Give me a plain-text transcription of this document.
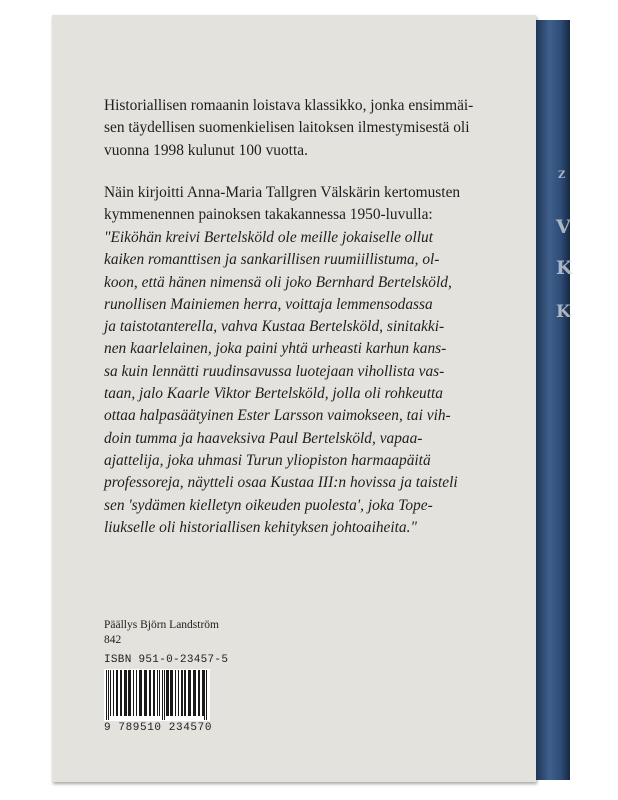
Z
V
K
K
Historiallisen romaanin loistava klassikko, jonka ensimmäi-
sen täydellisen suomenkielisen laitoksen ilmestymisestä oli
vuonna 1998 kulunut 100 vuotta.
Näin kirjoitti Anna-Maria Tallgren Välskärin kertomusten
kymmenennen painoksen takakannessa 1950-luvulla:
"Eiköhän kreivi Bertelsköld ole meille jokaiselle ollut
kaiken romanttisen ja sankarillisen ruumiillistuma, ol-
koon, että hänen nimensä oli joko Bernhard Bertelsköld,
runollisen Mainiemen herra, voittaja lemmensodassa
ja taistotanterella, vahva Kustaa Bertelsköld, sinitakki-
nen kaarlelainen, joka paini yhtä urheasti karhun kans-
sa kuin lennätti ruudinsavussa luotejaan vihollista vas-
taan, jalo Kaarle Viktor Bertelsköld, jolla oli rohkeutta
ottaa halpasäätyinen Ester Larsson vaimokseen, tai vih-
doin tumma ja haaveksiva Paul Bertelsköld, vapaa-
ajattelija, joka uhmasi Turun yliopiston harmaapäitä
professoreja, näytteli osaa Kustaa III:n hovissa ja taisteli
sen 'sydämen kielletyn oikeuden puolesta', joka Tope-
liukselle oli historiallisen kehityksen johtoaiheita."
Päällys Björn Landström
842
ISBN 951-0-23457-5
9 789510 234570
